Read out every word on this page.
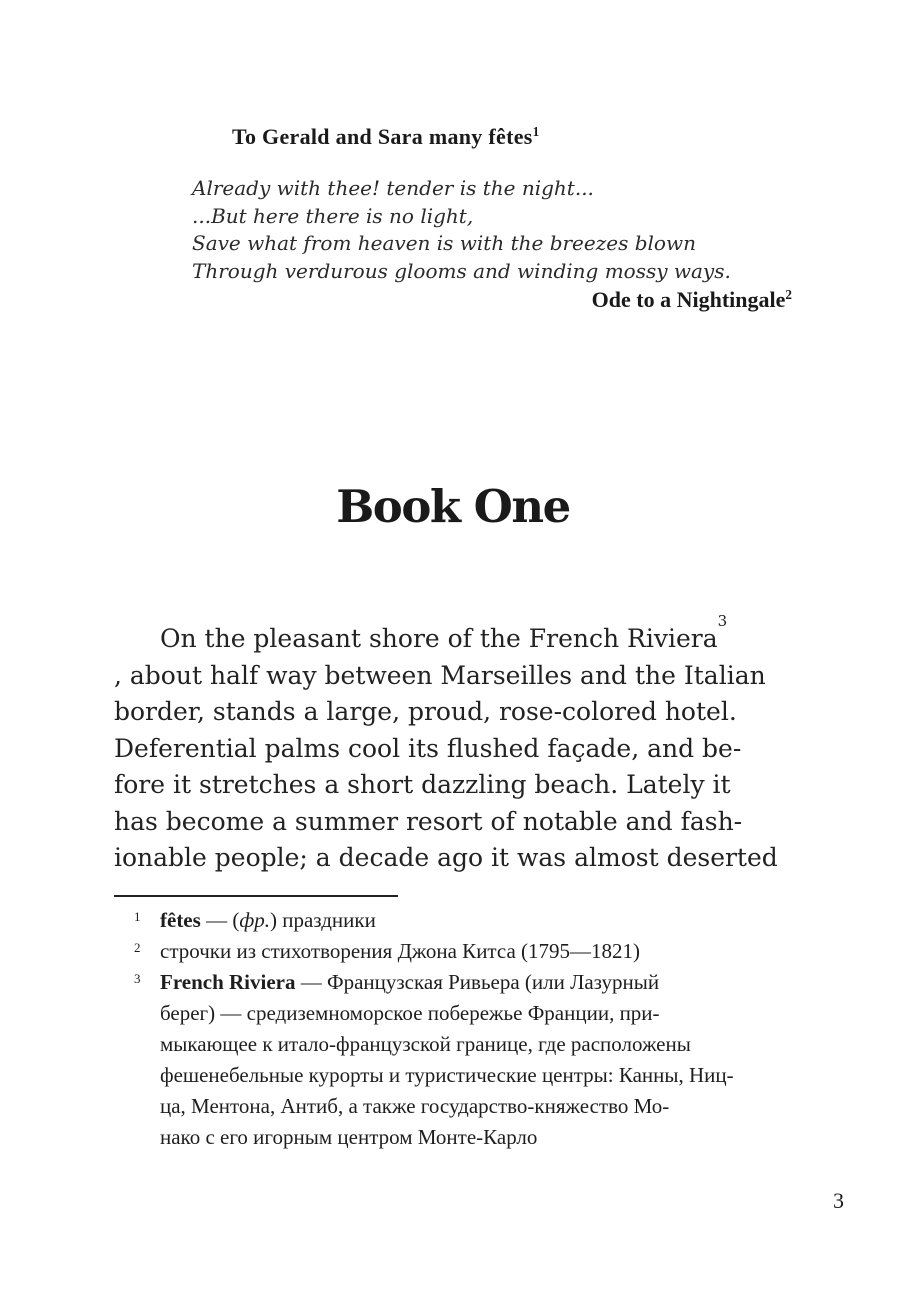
To Gerald and Sara many fêtes$^1$
Already with thee! tender is the night...
...But here there is no light,
Save what from heaven is with the breezes blown
Through verdurous glooms and winding mossy ways.
Ode to a Nightingale$^2$
Book One
On the pleasant shore of the French Riviera
3
, about half way between Marseilles and the Italian
border, stands a large, proud, rose-colored hotel.
Deferential palms cool its flushed façade, and be-
fore it stretches a short dazzling beach. Lately it
has become a summer resort of notable and fash-
ionable people; a decade ago it was almost deserted
1 fêtes — ( фр. ) праздники
2 строчки из стихотворения Джона Китса (1795—1821)
3 French Riviera — Французская Ривьера (или Лазурный
берег) — средиземноморское побережье Франции, при-
мыкающее к итало-французской границе, где расположены
фешенебельные курорты и туристические центры: Канны, Ниц-
ца, Ментона, Антиб, а также государство-княжество Мо-
нако с его игорным центром Монте-Карло
3
